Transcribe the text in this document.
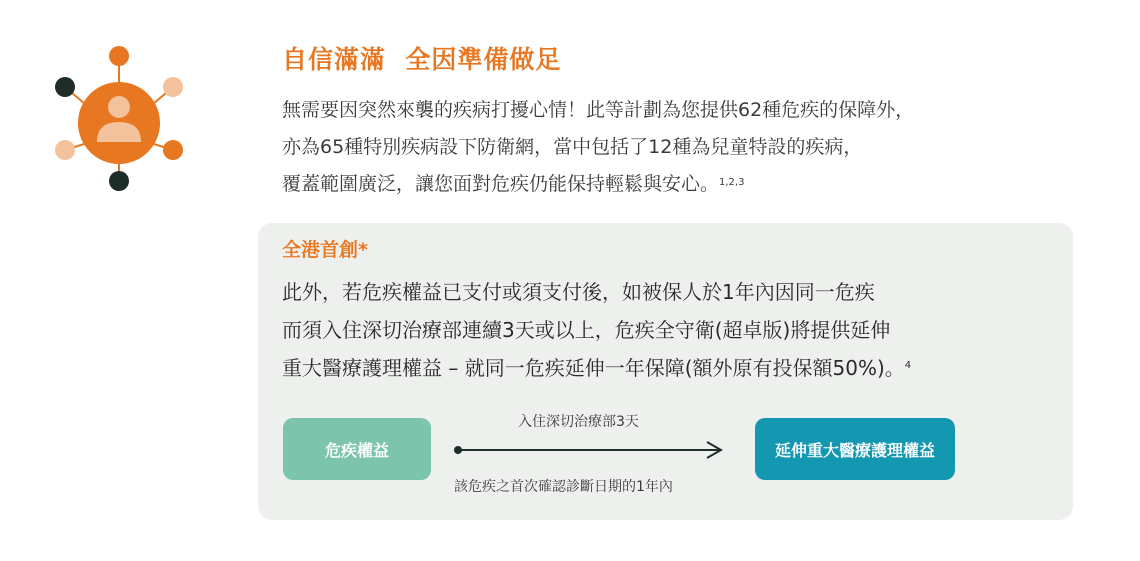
自信滿滿  全因準備做足
無需要因突然來襲的疾病打擾心情！此等計劃為您提供62種危疾的保障外，
亦為65種特別疾病設下防衛網，當中包括了12種為兒童特設的疾病，
覆蓋範圍廣泛，讓您面對危疾仍能保持輕鬆與安心。$^{1,2,3}$
全港首創*
此外，若危疾權益已支付或須支付後，如被保人於1年內因同一危疾
而須入住深切治療部連續3天或以上，危疾全守衛(超卓版)將提供延伸
重大醫療護理權益 – 就同一危疾延伸一年保障(額外原有投保額50%)。$^4$
危疾權益
入住深切治療部3天
該危疾之首次確認診斷日期的1年內
延伸重大醫療護理權益
